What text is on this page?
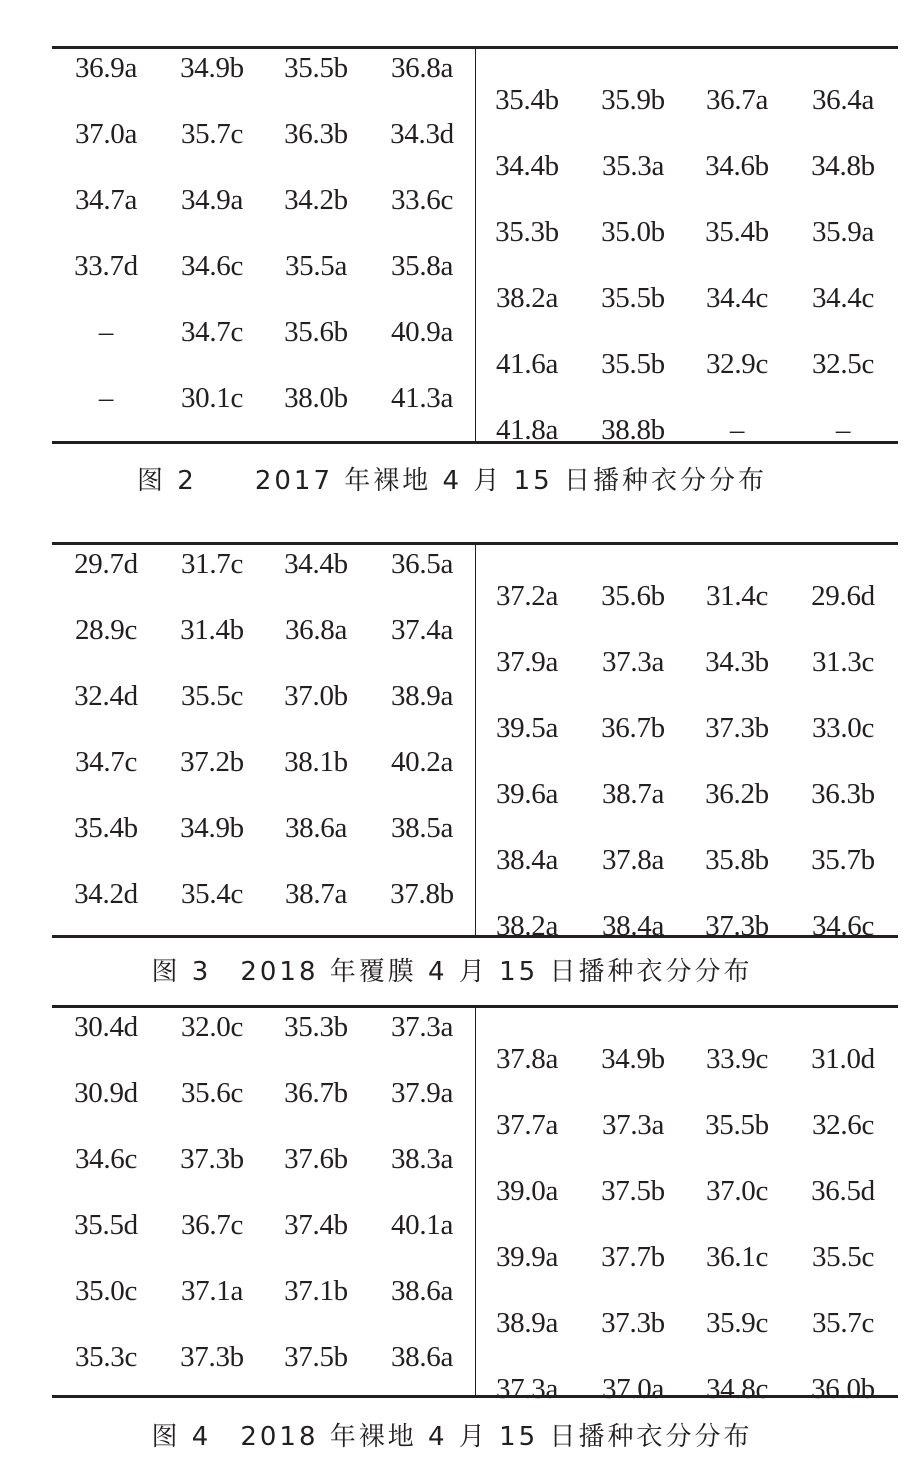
36.9a	34.9b	35.5b	36.8a
37.0a	35.7c	36.3b	34.3d
34.7a	34.9a	34.2b	33.6c
33.7d	34.6c	35.5a	35.8a
–	34.7c	35.6b	40.9a
–	30.1c	38.0b	41.3a
35.4b	35.9b	36.7a	36.4a
34.4b	35.3a	34.6b	34.8b
35.3b	35.0b	35.4b	35.9a
38.2a	35.5b	34.4c	34.4c
41.6a	35.5b	32.9c	32.5c
41.8a	38.8b	–	–
图 2　　2017 年裸地 4 月 15 日播种衣分分布
29.7d	31.7c	34.4b	36.5a
28.9c	31.4b	36.8a	37.4a
32.4d	35.5c	37.0b	38.9a
34.7c	37.2b	38.1b	40.2a
35.4b	34.9b	38.6a	38.5a
34.2d	35.4c	38.7a	37.8b
37.2a	35.6b	31.4c	29.6d
37.9a	37.3a	34.3b	31.3c
39.5a	36.7b	37.3b	33.0c
39.6a	38.7a	36.2b	36.3b
38.4a	37.8a	35.8b	35.7b
38.2a	38.4a	37.3b	34.6c
图 3　2018 年覆膜 4 月 15 日播种衣分分布
30.4d	32.0c	35.3b	37.3a
30.9d	35.6c	36.7b	37.9a
34.6c	37.3b	37.6b	38.3a
35.5d	36.7c	37.4b	40.1a
35.0c	37.1a	37.1b	38.6a
35.3c	37.3b	37.5b	38.6a
37.8a	34.9b	33.9c	31.0d
37.7a	37.3a	35.5b	32.6c
39.0a	37.5b	37.0c	36.5d
39.9a	37.7b	36.1c	35.5c
38.9a	37.3b	35.9c	35.7c
37.3a	37.0a	34.8c	36.0b
图 4　2018 年裸地 4 月 15 日播种衣分分布
